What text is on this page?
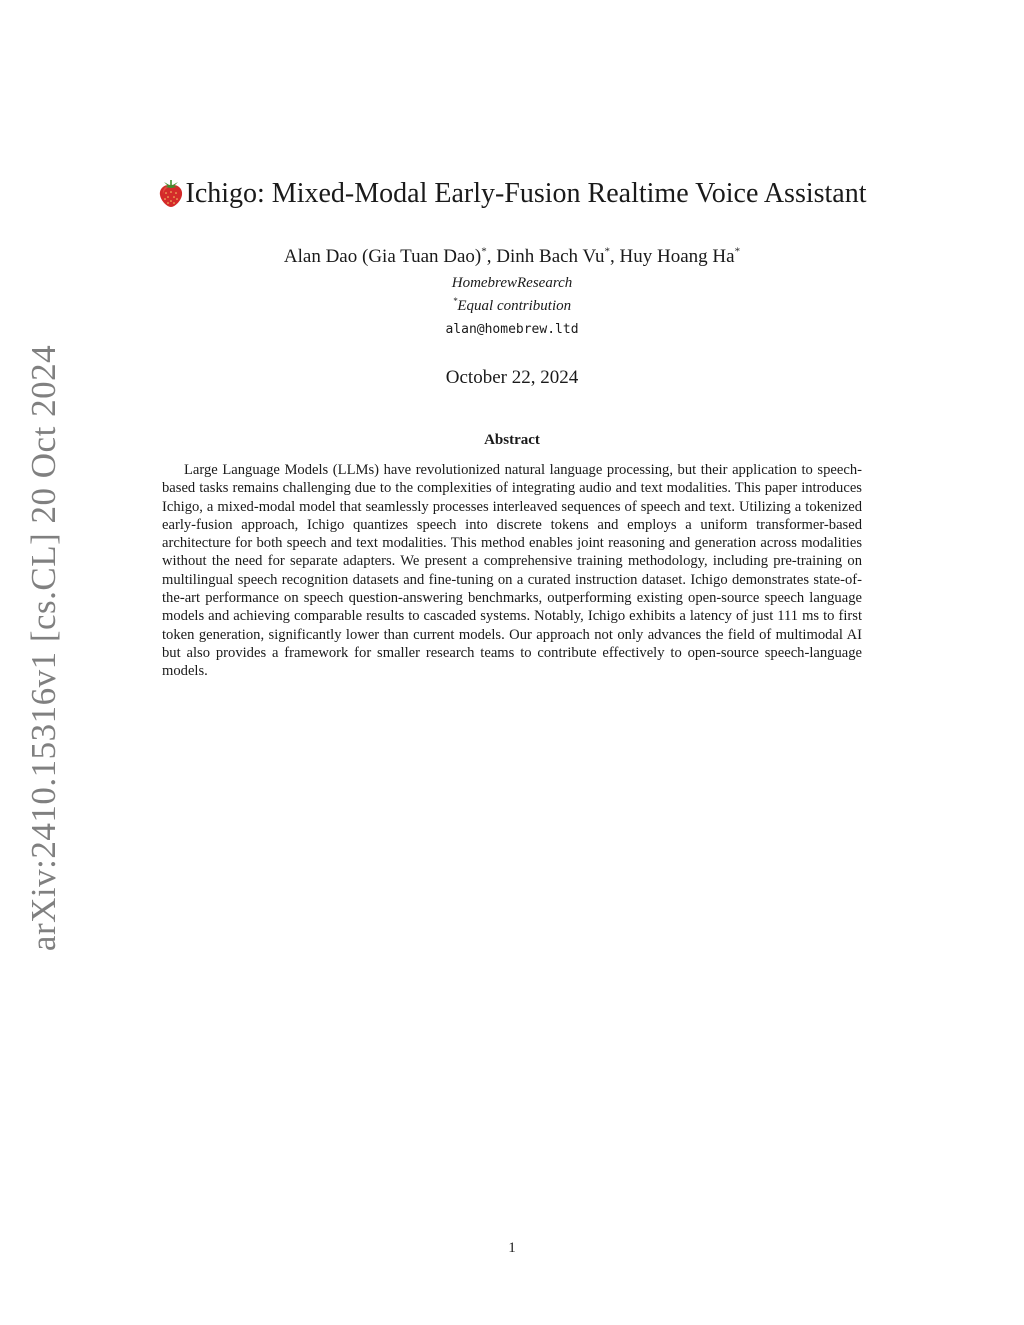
arXiv:2410.15316v1 [cs.CL] 20 Oct 2024
Ichigo: Mixed-Modal Early-Fusion Realtime Voice Assistant
Alan Dao (Gia Tuan Dao)*, Dinh Bach Vu*, Huy Hoang Ha*
HomebrewResearch
*Equal contribution
alan@homebrew.ltd
October 22, 2024
Abstract

Large Language Models (LLMs) have revolutionized natural language processing, but their application to speech-based tasks remains challenging due to the complexities of integrating audio and text modalities. This paper introduces Ichigo, a mixed-modal model that seamlessly processes interleaved sequences of speech and text. Utilizing a tokenized early-fusion approach, Ichigo quantizes speech into discrete tokens and employs a uniform transformer-based architecture for both speech and text modalities. This method enables joint reasoning and generation across modalities without the need for separate adapters. We present a comprehensive training methodology, including pre-training on multilingual speech recognition datasets and fine-tuning on a curated instruction dataset. Ichigo demonstrates state-of-the-art performance on speech question-answering benchmarks, outperforming existing open-source speech language models and achieving comparable results to cascaded systems. Notably, Ichigo exhibits a latency of just 111 ms to first token generation, significantly lower than current models. Our approach not only advances the field of multimodal AI but also provides a framework for smaller research teams to contribute effectively to open-source speech-language models.

1
